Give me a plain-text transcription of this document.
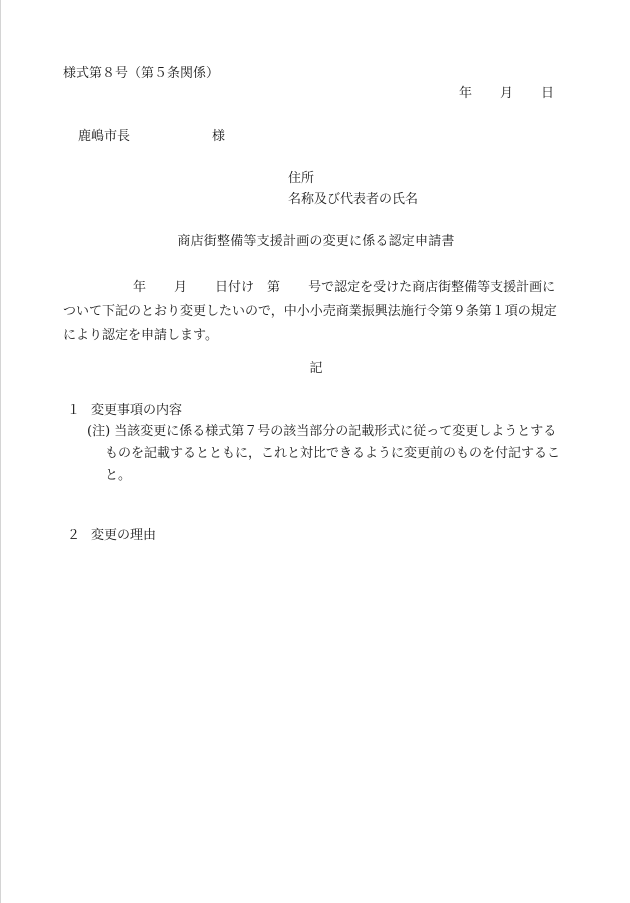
様式第８号（第５条関係）
年 月 日
鹿嶋市長	様
住所
名称及び代表者の氏名
商店街整備等支援計画の変更に係る認定申請書
年 月 日付け 第 号で認定を受けた商店街整備等支援計画に
ついて下記のとおり変更したいので，中小小売商業振興法施行令第９条第１項の規定
により認定を申請します。
記
１ 変更事項の内容
(注) 当該変更に係る様式第７号の該当部分の記載形式に従って変更しようとする
ものを記載するとともに，これと対比できるように変更前のものを付記するこ
と。
２ 変更の理由
